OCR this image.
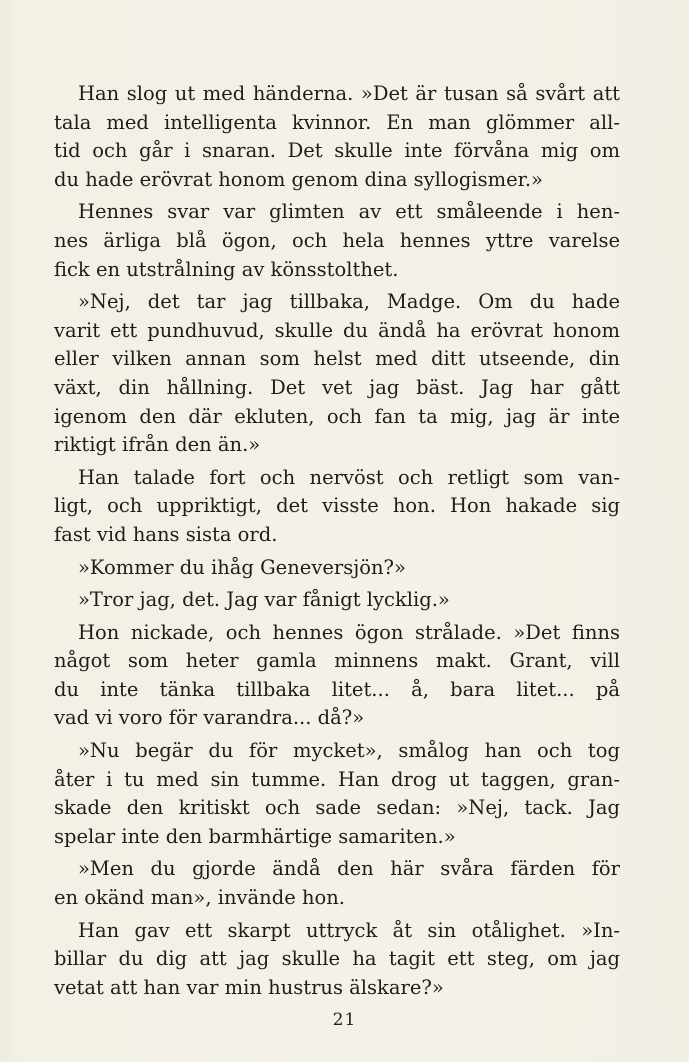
Han slog ut med händerna. »Det är tusan så svårt att
tala med intelligenta kvinnor. En man glömmer all-
tid och går i snaran. Det skulle inte förvåna mig om
du hade erövrat honom genom dina syllogismer.»
Hennes svar var glimten av ett småleende i hen-
nes ärliga blå ögon, och hela hennes yttre varelse
fick en utstrålning av könsstolthet.
»Nej, det tar jag tillbaka, Madge. Om du hade
varit ett pundhuvud, skulle du ändå ha erövrat honom
eller vilken annan som helst med ditt utseende, din
växt, din hållning. Det vet jag bäst. Jag har gått
igenom den där ekluten, och fan ta mig, jag är inte
riktigt ifrån den än.»
Han talade fort och nervöst och retligt som van-
ligt, och uppriktigt, det visste hon. Hon hakade sig
fast vid hans sista ord.
»Kommer du ihåg Geneversjön?»
»Tror jag, det. Jag var fånigt lycklig.»
Hon nickade, och hennes ögon strålade. »Det finns
något som heter gamla minnens makt. Grant, vill
du inte tänka tillbaka litet... å, bara litet... på
vad vi voro för varandra... då?»
»Nu begär du för mycket», smålog han och tog
åter i tu med sin tumme. Han drog ut taggen, gran-
skade den kritiskt och sade sedan: »Nej, tack. Jag
spelar inte den barmhärtige samariten.»
»Men du gjorde ändå den här svåra färden för
en okänd man», invände hon.
Han gav ett skarpt uttryck åt sin otålighet. »In-
billar du dig att jag skulle ha tagit ett steg, om jag
vetat att han var min hustrus älskare?»
21
